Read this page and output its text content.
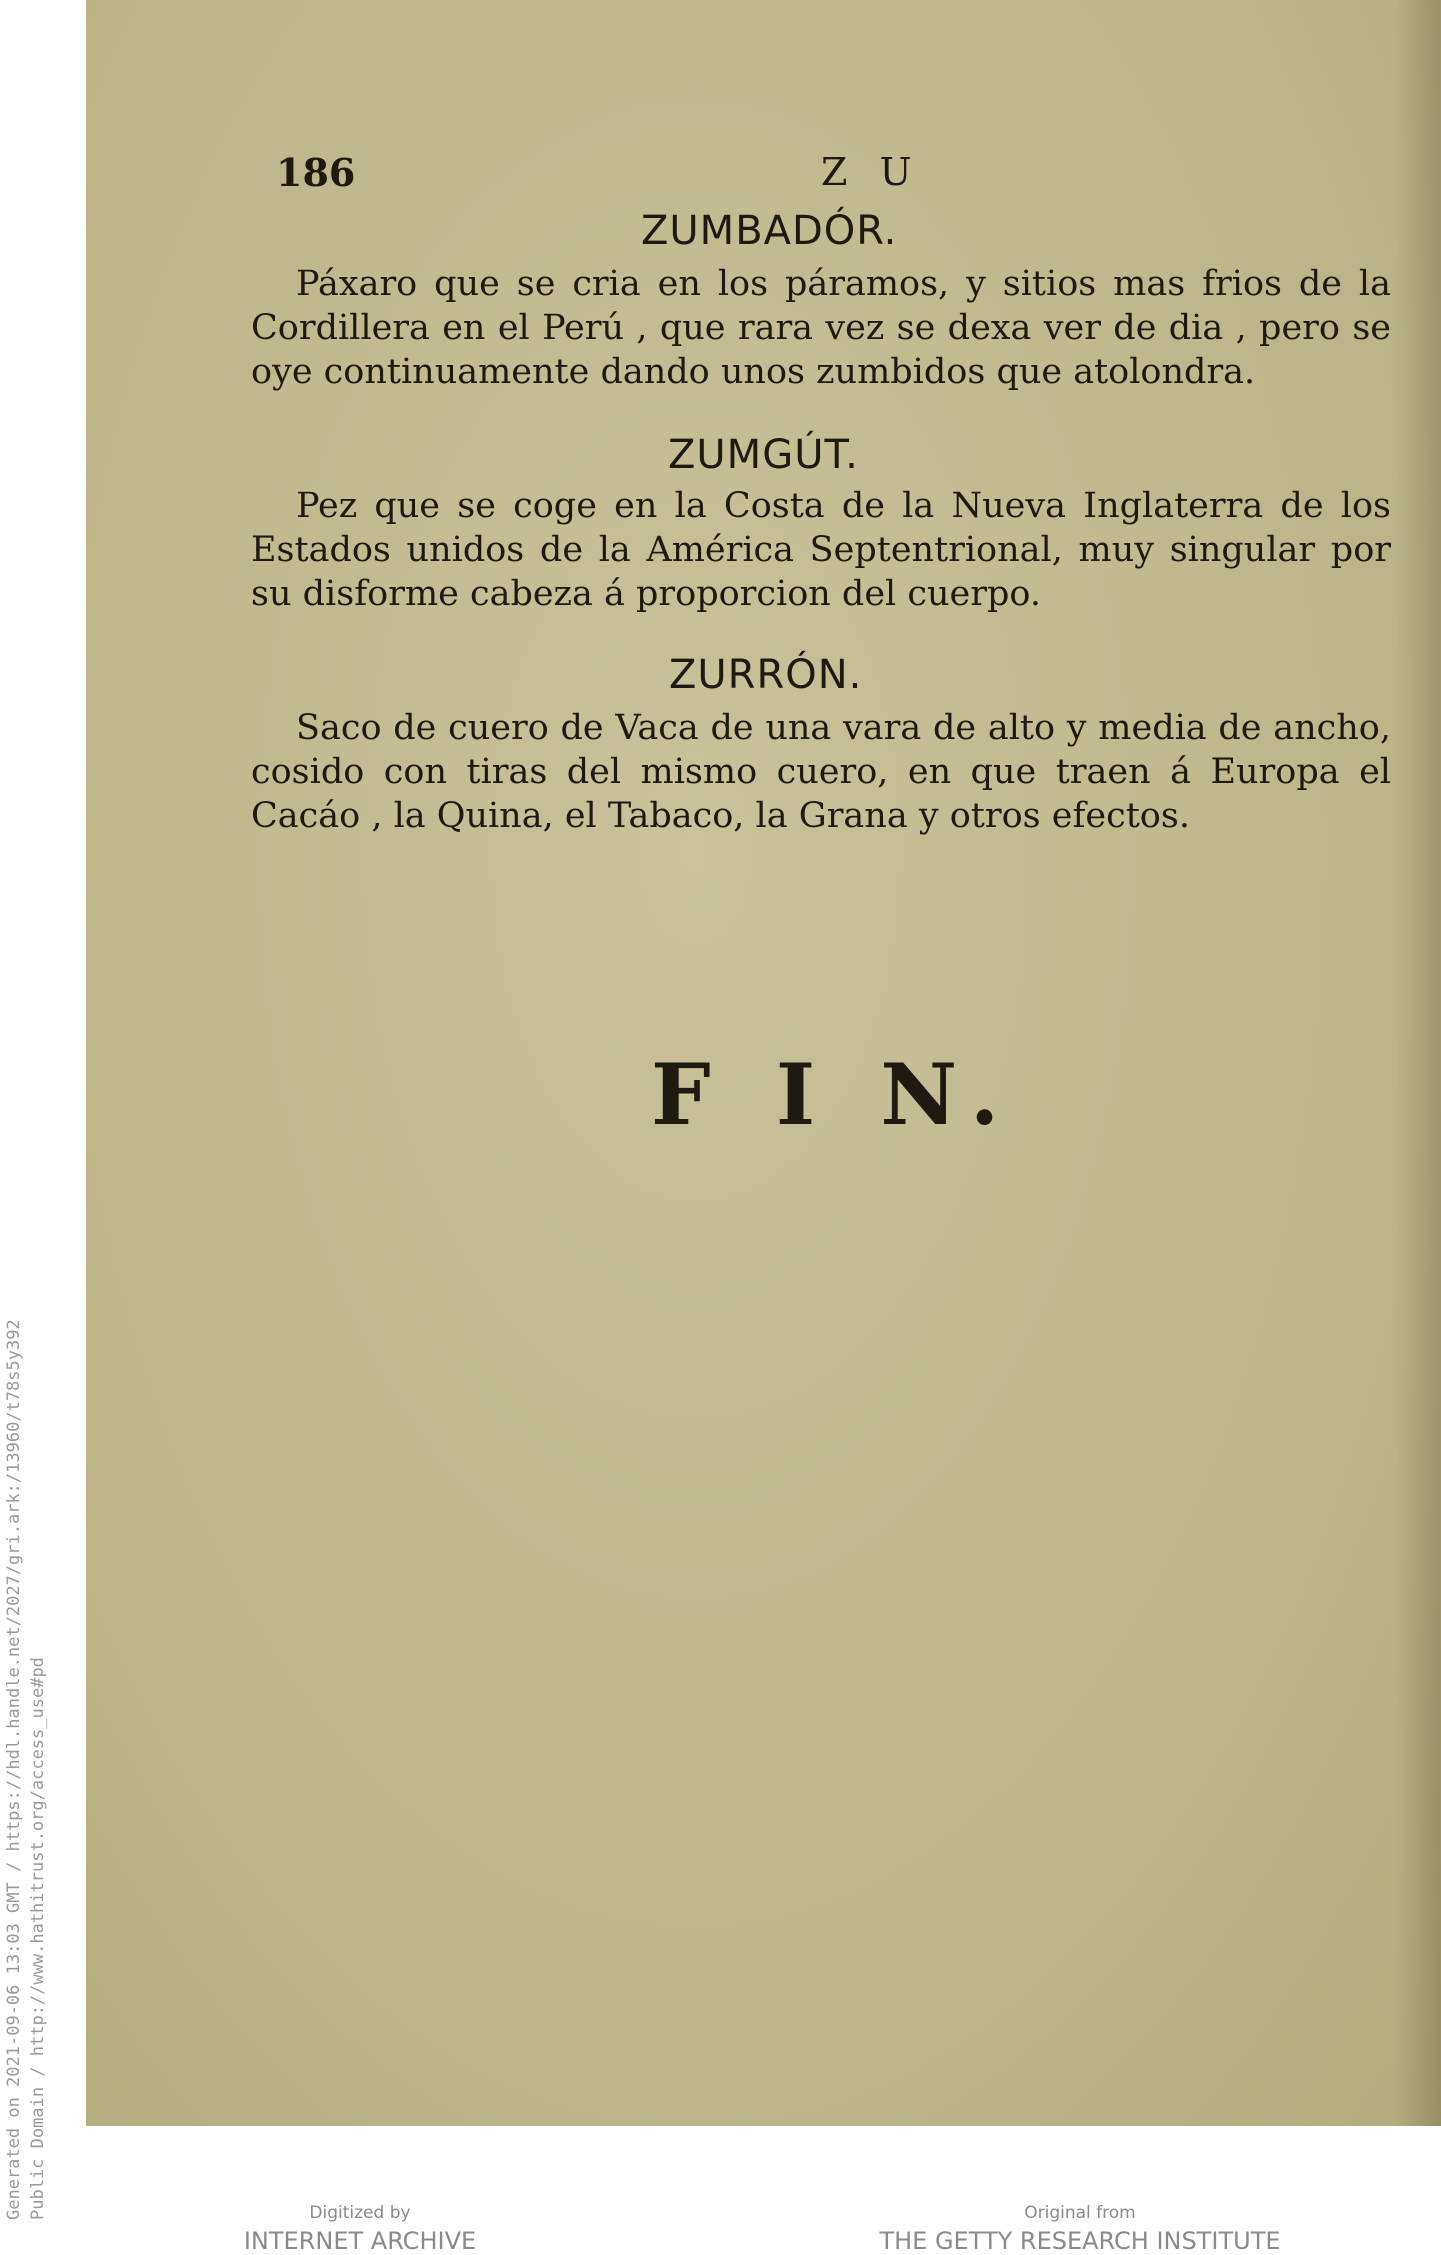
Generated on 2021-09-06 13:03 GMT / https://hdl.handle.net/2027/gri.ark:/13960/t78s5y392 Public Domain / http://www.hathitrust.org/access_use#pd
186	Z U
ZUMBADÓR.
Páxaro que se cria en los páramos, y sitios mas frios de la Cordillera en el Perú , que rara vez se dexa ver de dia , pero se oye continuamente dando unos zumbidos que atolondra.
ZUMGÚT.
Pez que se coge en la Costa de la Nueva Inglaterra de los Estados unidos de la América Septentrional, muy singular por su disforme cabeza á proporcion del cuerpo.
ZURRÓN.
Saco de cuero de Vaca de una vara de alto y media de ancho, cosido con tiras del mismo cuero, en que traen á Europa el Cacáo , la Quina, el Tabaco, la Grana y otros efectos.
F I N.
Digitized by
INTERNET ARCHIVE
Original from
THE GETTY RESEARCH INSTITUTE
